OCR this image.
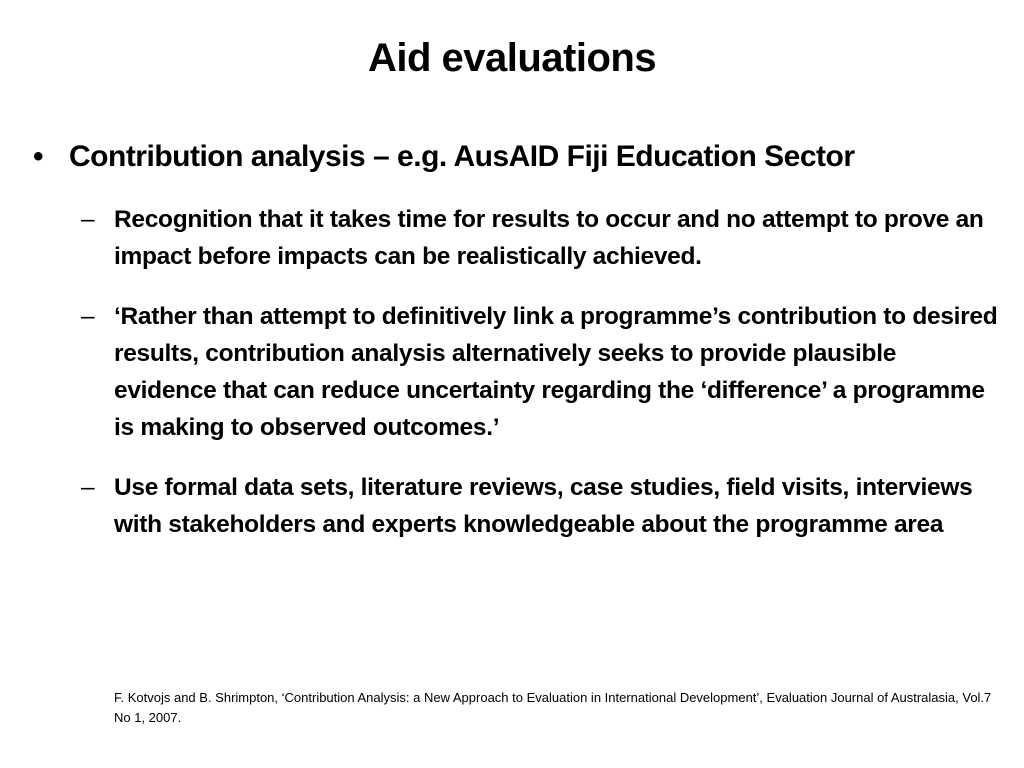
Aid evaluations
• Contribution analysis – e.g. AusAID Fiji Education Sector
– Recognition that it takes time for results to occur and no attempt to prove an impact before impacts can be realistically achieved.
– ‘Rather than attempt to definitively link a programme’s contribution to desired results, contribution analysis alternatively seeks to provide plausible evidence that can reduce uncertainty regarding the ‘difference’ a programme is making to observed outcomes.’
– Use formal data sets, literature reviews, case studies, field visits, interviews with stakeholders and experts knowledgeable about the programme area
F. Kotvojs and B. Shrimpton, ‘Contribution Analysis: a New Approach to Evaluation in International Development’, Evaluation Journal of Australasia, Vol.7 No 1, 2007.
